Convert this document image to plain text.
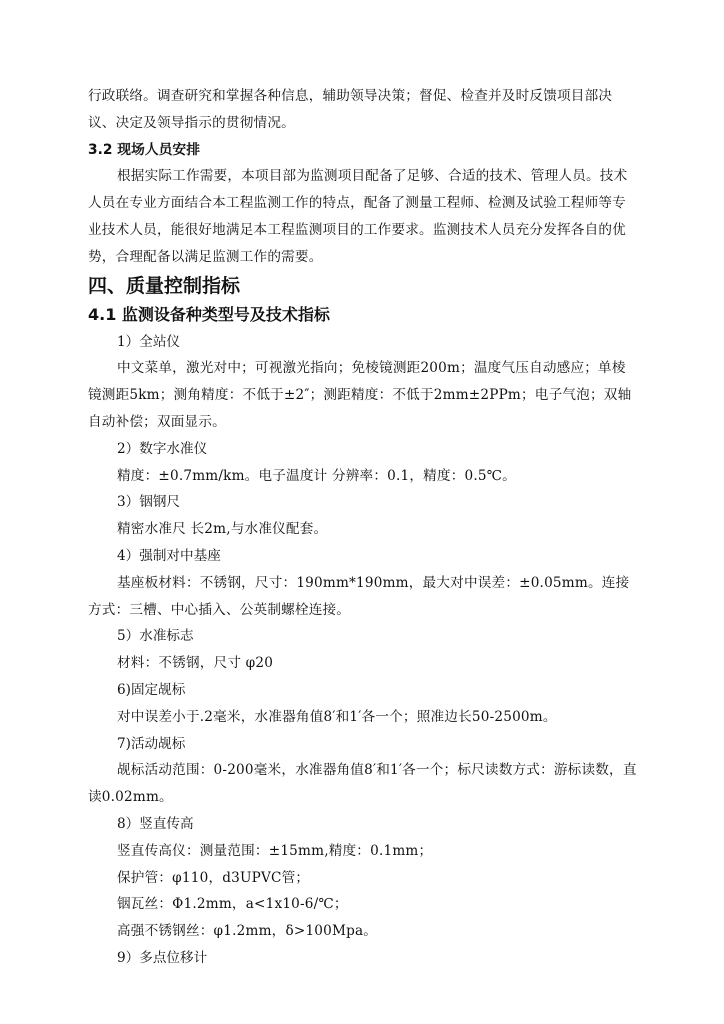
行政联络。调查研究和掌握各种信息，辅助领导决策；督促、检查并及时反馈项目部决议、决定及领导指示的贯彻情况。

3.2 现场人员安排

根据实际工作需要，本项目部为监测项目配备了足够、合适的技术、管理人员。技术人员在专业方面结合本工程监测工作的特点，配备了测量工程师、检测及试验工程师等专业技术人员，能很好地满足本工程监测项目的工作要求。监测技术人员充分发挥各自的优势，合理配备以满足监测工作的需要。

四、质量控制指标

4.1 监测设备种类型号及技术指标

1）全站仪

中文菜单，激光对中；可视激光指向；免棱镜测距200m；温度气压自动感应；单棱镜测距5km；测角精度：不低于±2″；测距精度：不低于2mm±2PPm；电子气泡；双轴自动补偿；双面显示。

2）数字水准仪

精度：±0.7mm/km。电子温度计 分辨率：0.1，精度：0.5℃。

3）铟钢尺

精密水准尺 长2m,与水准仪配套。

4）强制对中基座

基座板材料：不锈钢，尺寸：190mm*190mm，最大对中误差：±0.05mm。连接方式：三槽、中心插入、公英制螺栓连接。

5）水准标志

材料：不锈钢，尺寸 φ20

6)固定觇标

对中误差小于.2毫米，水准器角值8′和1′各一个；照准边长50-2500m。

7)活动觇标

觇标活动范围：0-200毫米，水准器角值8′和1′各一个；标尺读数方式：游标读数，直读0.02mm。

8）竖直传高

竖直传高仪：测量范围：±15mm,精度：0.1mm；

保护管：φ110，d3UPVC管；

铟瓦丝：Φ1.2mm，a<1x10-6/℃；

高强不锈钢丝：φ1.2mm，δ>100Mpa。

9）多点位移计
